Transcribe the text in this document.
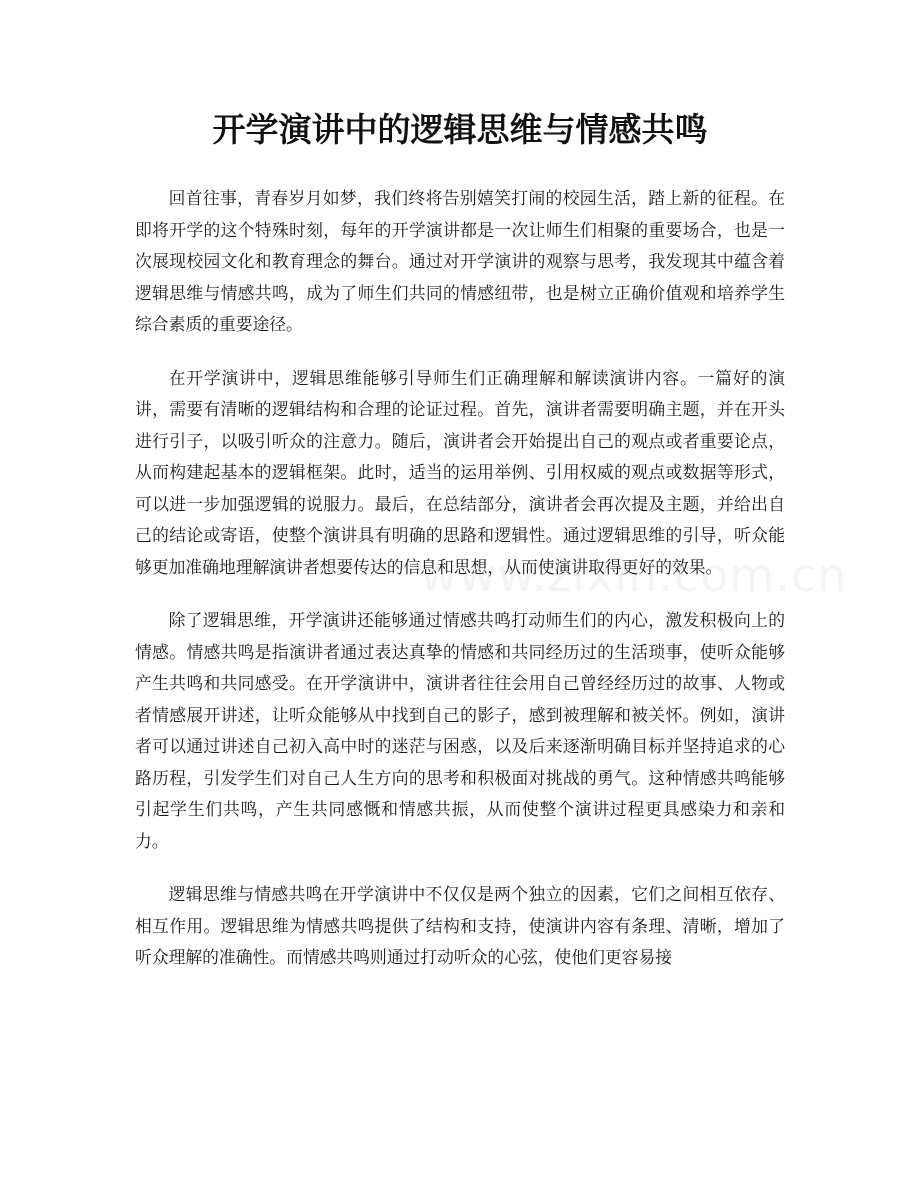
开学演讲中的逻辑思维与情感共鸣

回首往事，青春岁月如梦，我们终将告别嬉笑打闹的校园生活，踏上新的征程。在即将开学的这个特殊时刻，每年的开学演讲都是一次让师生们相聚的重要场合，也是一次展现校园文化和教育理念的舞台。通过对开学演讲的观察与思考，我发现其中蕴含着逻辑思维与情感共鸣，成为了师生们共同的情感纽带，也是树立正确价值观和培养学生综合素质的重要途径。

在开学演讲中，逻辑思维能够引导师生们正确理解和解读演讲内容。一篇好的演讲，需要有清晰的逻辑结构和合理的论证过程。首先，演讲者需要明确主题，并在开头进行引子，以吸引听众的注意力。随后，演讲者会开始提出自己的观点或者重要论点，从而构建起基本的逻辑框架。此时，适当的运用举例、引用权威的观点或数据等形式，可以进一步加强逻辑的说服力。最后，在总结部分，演讲者会再次提及主题，并给出自己的结论或寄语，使整个演讲具有明确的思路和逻辑性。通过逻辑思维的引导，听众能够更加准确地理解演讲者想要传达的信息和思想，从而使演讲取得更好的效果。

除了逻辑思维，开学演讲还能够通过情感共鸣打动师生们的内心，激发积极向上的情感。情感共鸣是指演讲者通过表达真挚的情感和共同经历过的生活琐事，使听众能够产生共鸣和共同感受。在开学演讲中，演讲者往往会用自己曾经经历过的故事、人物或者情感展开讲述，让听众能够从中找到自己的影子，感到被理解和被关怀。例如，演讲者可以通过讲述自己初入高中时的迷茫与困惑，以及后来逐渐明确目标并坚持追求的心路历程，引发学生们对自己人生方向的思考和积极面对挑战的勇气。这种情感共鸣能够引起学生们共鸣，产生共同感慨和情感共振，从而使整个演讲过程更具感染力和亲和力。

逻辑思维与情感共鸣在开学演讲中不仅仅是两个独立的因素，它们之间相互依存、相互作用。逻辑思维为情感共鸣提供了结构和支持，使演讲内容有条理、清晰，增加了听众理解的准确性。而情感共鸣则通过打动听众的心弦，使他们更容易接
